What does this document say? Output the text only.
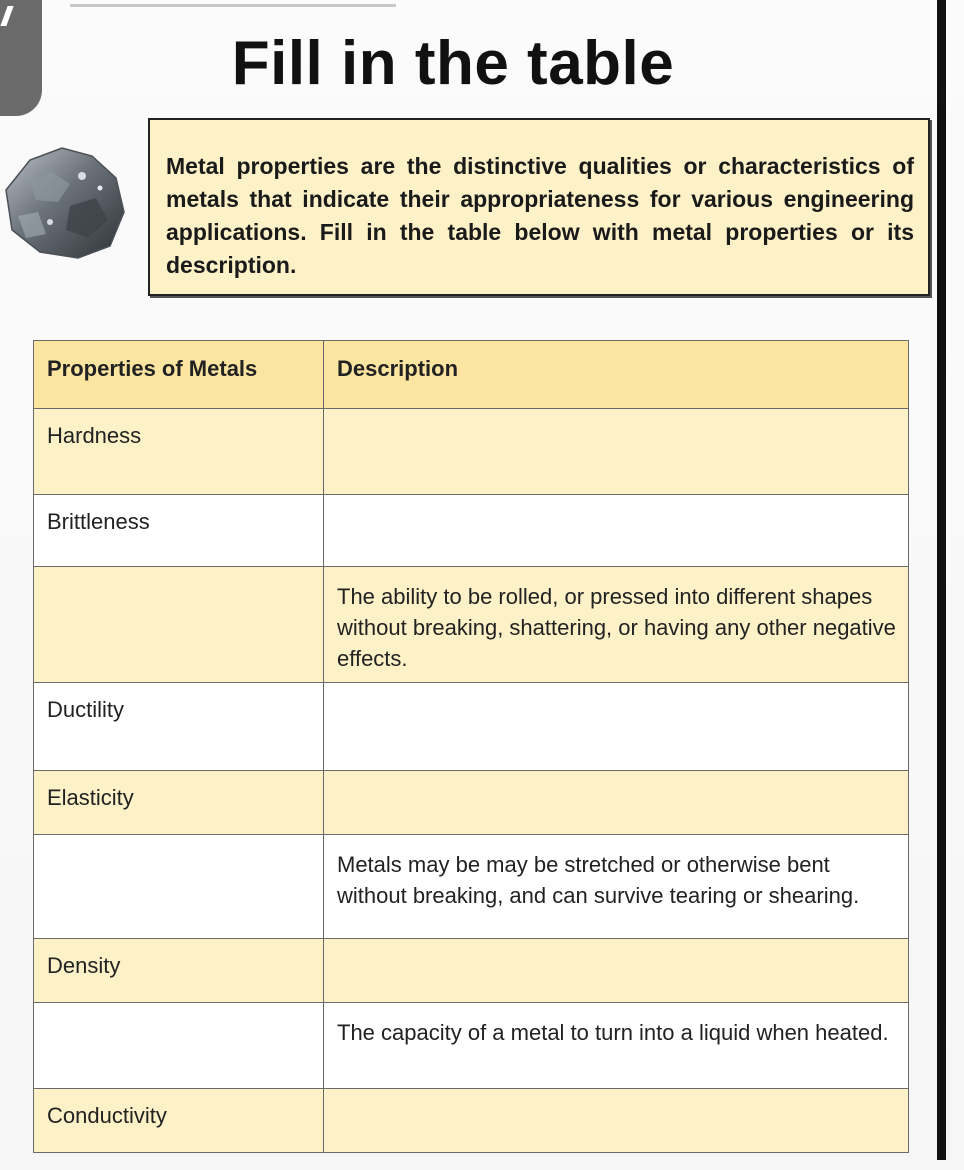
Fill in the table

Metal properties are the distinctive qualities or characteristics of metals that indicate their appropriateness for various engineering applications. Fill in the table below with metal properties or its description.

Properties of Metals	Description
Hardness	
Brittleness	
	The ability to be rolled, or pressed into different shapes without breaking, shattering, or having any other negative effects.
Ductility	
Elasticity	
	Metals may be may be stretched or otherwise bent without breaking, and can survive tearing or shearing.
Density	
	The capacity of a metal to turn into a liquid when heated.
Conductivity	
